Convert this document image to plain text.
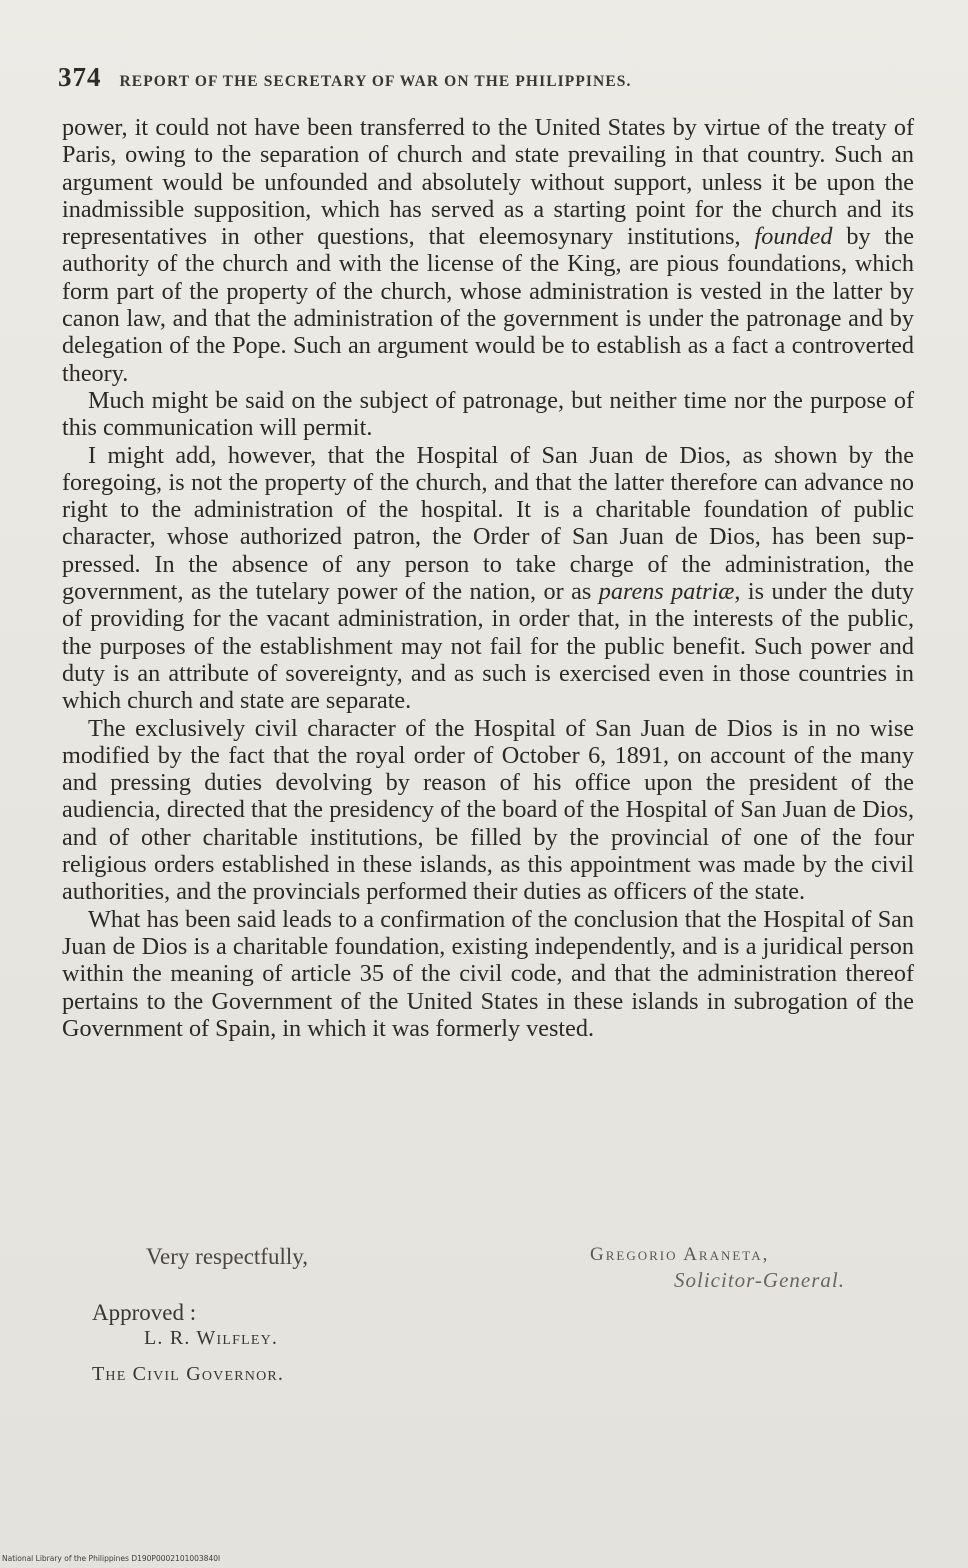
374 REPORT OF THE SECRETARY OF WAR ON THE PHILIPPINES.

power, it could not have been transferred to the United States by virtue of the treaty of Paris, owing to the separation of church and state prevailing in that country. Such an argument would be unfounded and absolutely without support, unless it be upon the inadmissible supposition, which has served as a starting point for the church and its representatives in other questions, that eleemosynary institutions, founded by the authority of the church and with the license of the King, are pious foundations, which form part of the property of the church, whose administration is vested in the latter by canon law, and that the administration of the government is under the patronage and by delegation of the Pope. Such an argument would be to establish as a fact a controverted theory.

Much might be said on the subject of patronage, but neither time nor the purpose of this communication will permit.

I might add, however, that the Hospital of San Juan de Dios, as shown by the foregoing, is not the property of the church, and that the latter therefore can advance no right to the administration of the hospital. It is a charitable foundation of public character, whose authorized patron, the Order of San Juan de Dios, has been suppressed. In the absence of any person to take charge of the administration, the government, as the tutelary power of the nation, or as parens patriæ, is under the duty of providing for the vacant administration, in order that, in the interests of the public, the purposes of the establishment may not fail for the public benefit. Such power and duty is an attribute of sovereignty, and as such is exercised even in those countries in which church and state are separate.

The exclusively civil character of the Hospital of San Juan de Dios is in no wise modified by the fact that the royal order of October 6, 1891, on account of the many and pressing duties devolving by reason of his office upon the president of the audiencia, directed that the presidency of the board of the Hospital of San Juan de Dios, and of other charitable institutions, be filled by the provincial of one of the four religious orders established in these islands, as this appointment was made by the civil authorities, and the provincials performed their duties as officers of the state.

What has been said leads to a confirmation of the conclusion that the Hospital of San Juan de Dios is a charitable foundation, existing independently, and is a juridical person within the meaning of article 35 of the civil code, and that the administration thereof pertains to the Government of the United States in these islands in subrogation of the Government of Spain, in which it was formerly vested.

Very respectfully,	Gregorio Araneta,
Solicitor-General.
Approved :
L. R. Wilfley.
The Civil Governor.
National Library of the Philippines D190P0002101003840l
